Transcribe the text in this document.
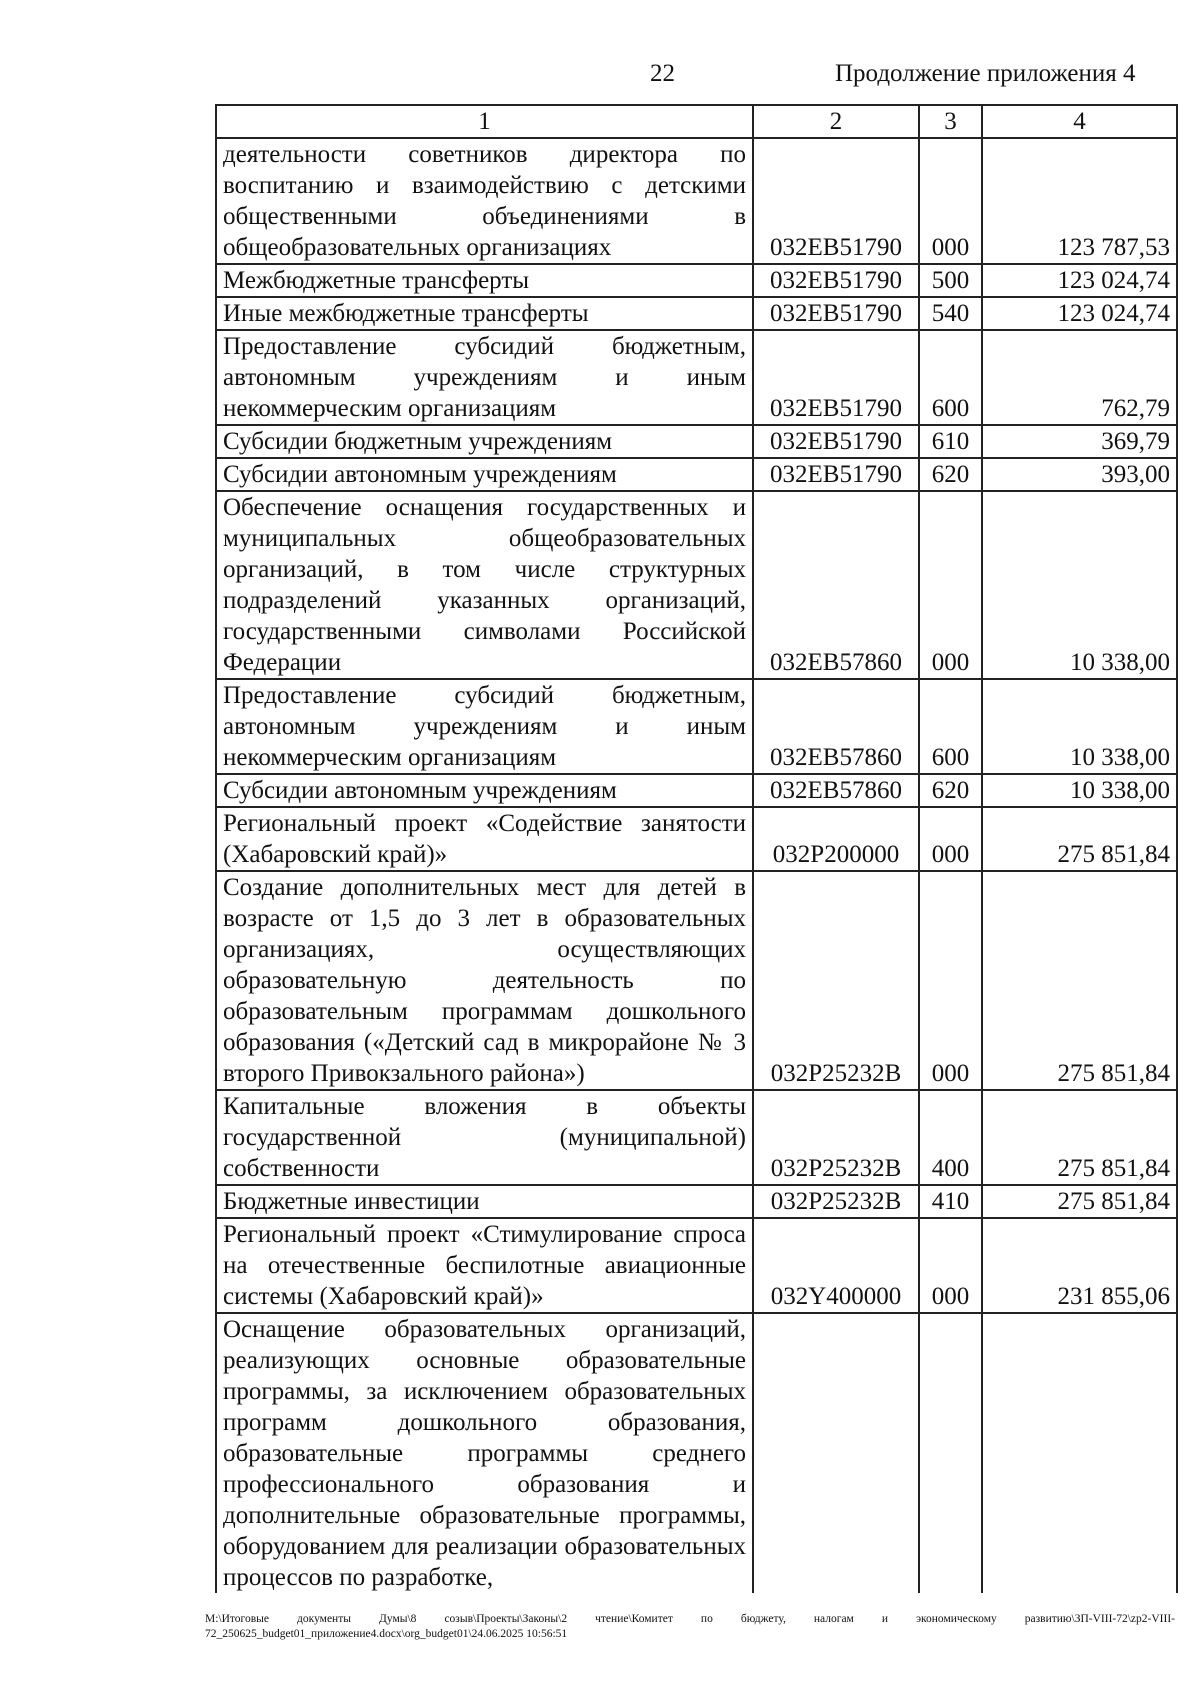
22	Продолжение приложения 4
1	2	3	4
деятельности советников директора по воспитанию и взаимодействию с детскими общественными объединениями в общеобразовательных организациях	032EB51790	000	123 787,53
Межбюджетные трансферты	032EB51790	500	123 024,74
Иные межбюджетные трансферты	032EB51790	540	123 024,74
Предоставление субсидий бюджетным, автономным учреждениям и иным некоммерческим организациям	032EB51790	600	762,79
Субсидии бюджетным учреждениям	032EB51790	610	369,79
Субсидии автономным учреждениям	032EB51790	620	393,00
Обеспечение оснащения государственных и муниципальных общеобразовательных организаций, в том числе структурных подразделений указанных организаций, государственными символами Российской Федерации	032EB57860	000	10 338,00
Предоставление субсидий бюджетным, автономным учреждениям и иным некоммерческим организациям	032EB57860	600	10 338,00
Субсидии автономным учреждениям	032EB57860	620	10 338,00
Региональный проект «Содействие занятости (Хабаровский край)»	032P200000	000	275 851,84
Создание дополнительных мест для детей в возрасте от 1,5 до 3 лет в образовательных организациях, осуществляющих образовательную деятельность по образовательным программам дошкольного образования («Детский сад в микрорайоне № 3 второго Привокзального района»)	032P25232B	000	275 851,84
Капитальные вложения в объекты государственной (муниципальной) собственности	032P25232B	400	275 851,84
Бюджетные инвестиции	032P25232B	410	275 851,84
Региональный проект «Стимулирование спроса на отечественные беспилотные авиационные системы (Хабаровский край)»	032Y400000	000	231 855,06
Оснащение образовательных организаций, реализующих основные образовательные программы, за исключением образовательных программ дошкольного образования, образовательные программы среднего профессионального образования и дополнительные образовательные программы, оборудованием для реализации образовательных процессов по разработке,			
M:\Итоговые документы Думы\8 созыв\Проекты\Законы\2 чтение\Комитет по бюджету, налогам и экономическому развитию\ЗП-VIII-72\zp2-VIII-72_250625_budget01_приложение4.docx\org_budget01\24.06.2025 10:56:51
